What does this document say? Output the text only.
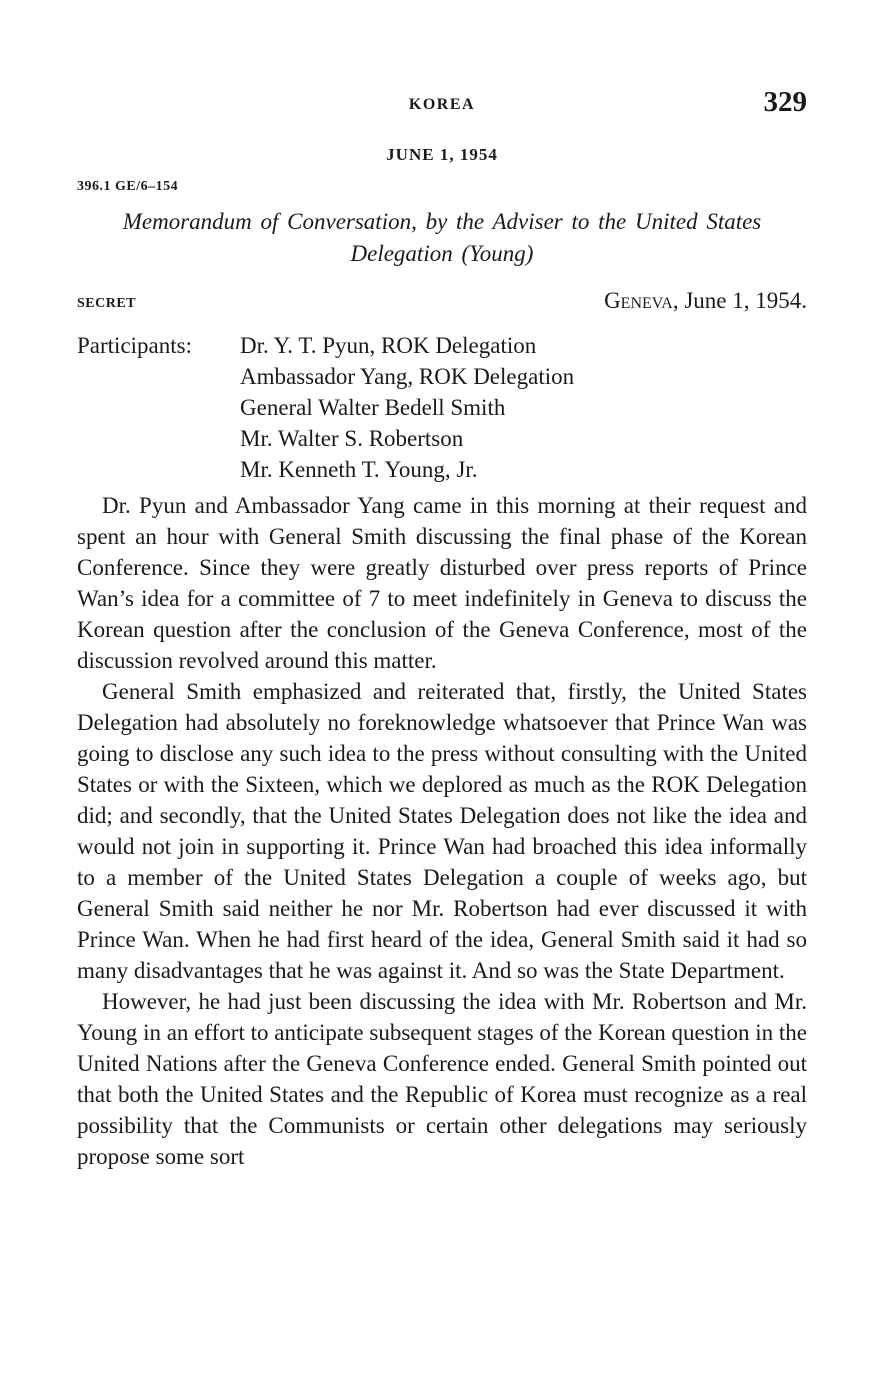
KOREA	329
JUNE 1, 1954
396.1 GE/6–154
Memorandum of Conversation, by the Adviser to the United States
Delegation (Young)
SECRET	Geneva, June 1, 1954.
Participants: Dr. Y. T. Pyun, ROK Delegation
Ambassador Yang, ROK Delegation
General Walter Bedell Smith
Mr. Walter S. Robertson
Mr. Kenneth T. Young, Jr.

Dr. Pyun and Ambassador Yang came in this morning at their request and spent an hour with General Smith discussing the final phase of the Korean Conference. Since they were greatly disturbed over press reports of Prince Wan’s idea for a committee of 7 to meet indefinitely in Geneva to discuss the Korean question after the conclusion of the Geneva Conference, most of the discussion revolved around this matter.

General Smith emphasized and reiterated that, firstly, the United States Delegation had absolutely no foreknowledge whatsoever that Prince Wan was going to disclose any such idea to the press without consulting with the United States or with the Sixteen, which we deplored as much as the ROK Delegation did; and secondly, that the United States Delegation does not like the idea and would not join in supporting it. Prince Wan had broached this idea informally to a member of the United States Delegation a couple of weeks ago, but General Smith said neither he nor Mr. Robertson had ever discussed it with Prince Wan. When he had first heard of the idea, General Smith said it had so many disadvantages that he was against it. And so was the State Department.

However, he had just been discussing the idea with Mr. Robertson and Mr. Young in an effort to anticipate subsequent stages of the Korean question in the United Nations after the Geneva Conference ended. General Smith pointed out that both the United States and the Republic of Korea must recognize as a real possibility that the Communists or certain other delegations may seriously propose some sort
